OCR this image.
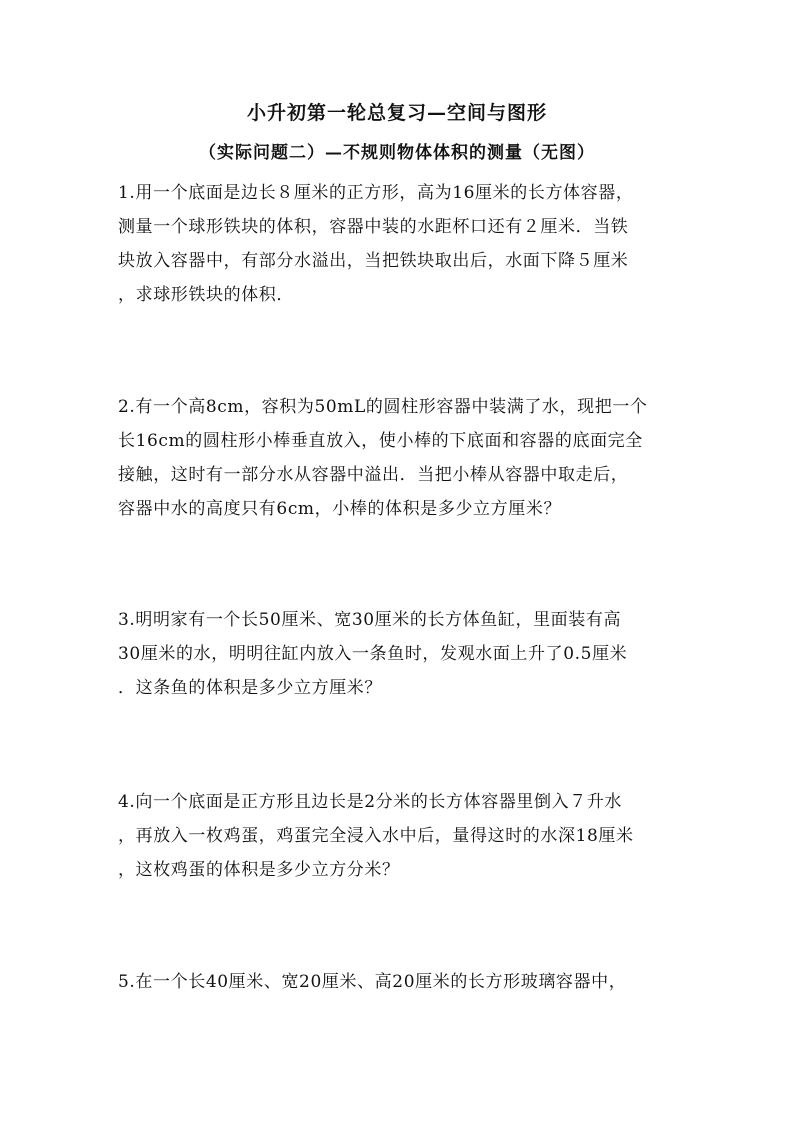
小升初第一轮总复习—空间与图形
（实际问题二）—不规则物体体积的测量（无图）
1.用一个底面是边长８厘米的正方形，高为16厘米的长方体容器，
测量一个球形铁块的体积，容器中装的水距杯口还有２厘米．当铁
块放入容器中，有部分水溢出，当把铁块取出后，水面下降５厘米
，求球形铁块的体积．
2.有一个高8cm，容积为50mL的圆柱形容器中装满了水，现把一个
长16cm的圆柱形小棒垂直放入，使小棒的下底面和容器的底面完全
接触，这时有一部分水从容器中溢出．当把小棒从容器中取走后，
容器中水的高度只有6cm，小棒的体积是多少立方厘米？
3.明明家有一个长50厘米、宽30厘米的长方体鱼缸，里面装有高
30厘米的水，明明往缸内放入一条鱼时，发观水面上升了0.5厘米
．这条鱼的体积是多少立方厘米？
4.向一个底面是正方形且边长是2分米的长方体容器里倒入７升水
，再放入一枚鸡蛋，鸡蛋完全浸入水中后，量得这时的水深18厘米
，这枚鸡蛋的体积是多少立方分米？
5.在一个长40厘米、宽20厘米、高20厘米的长方形玻璃容器中，
